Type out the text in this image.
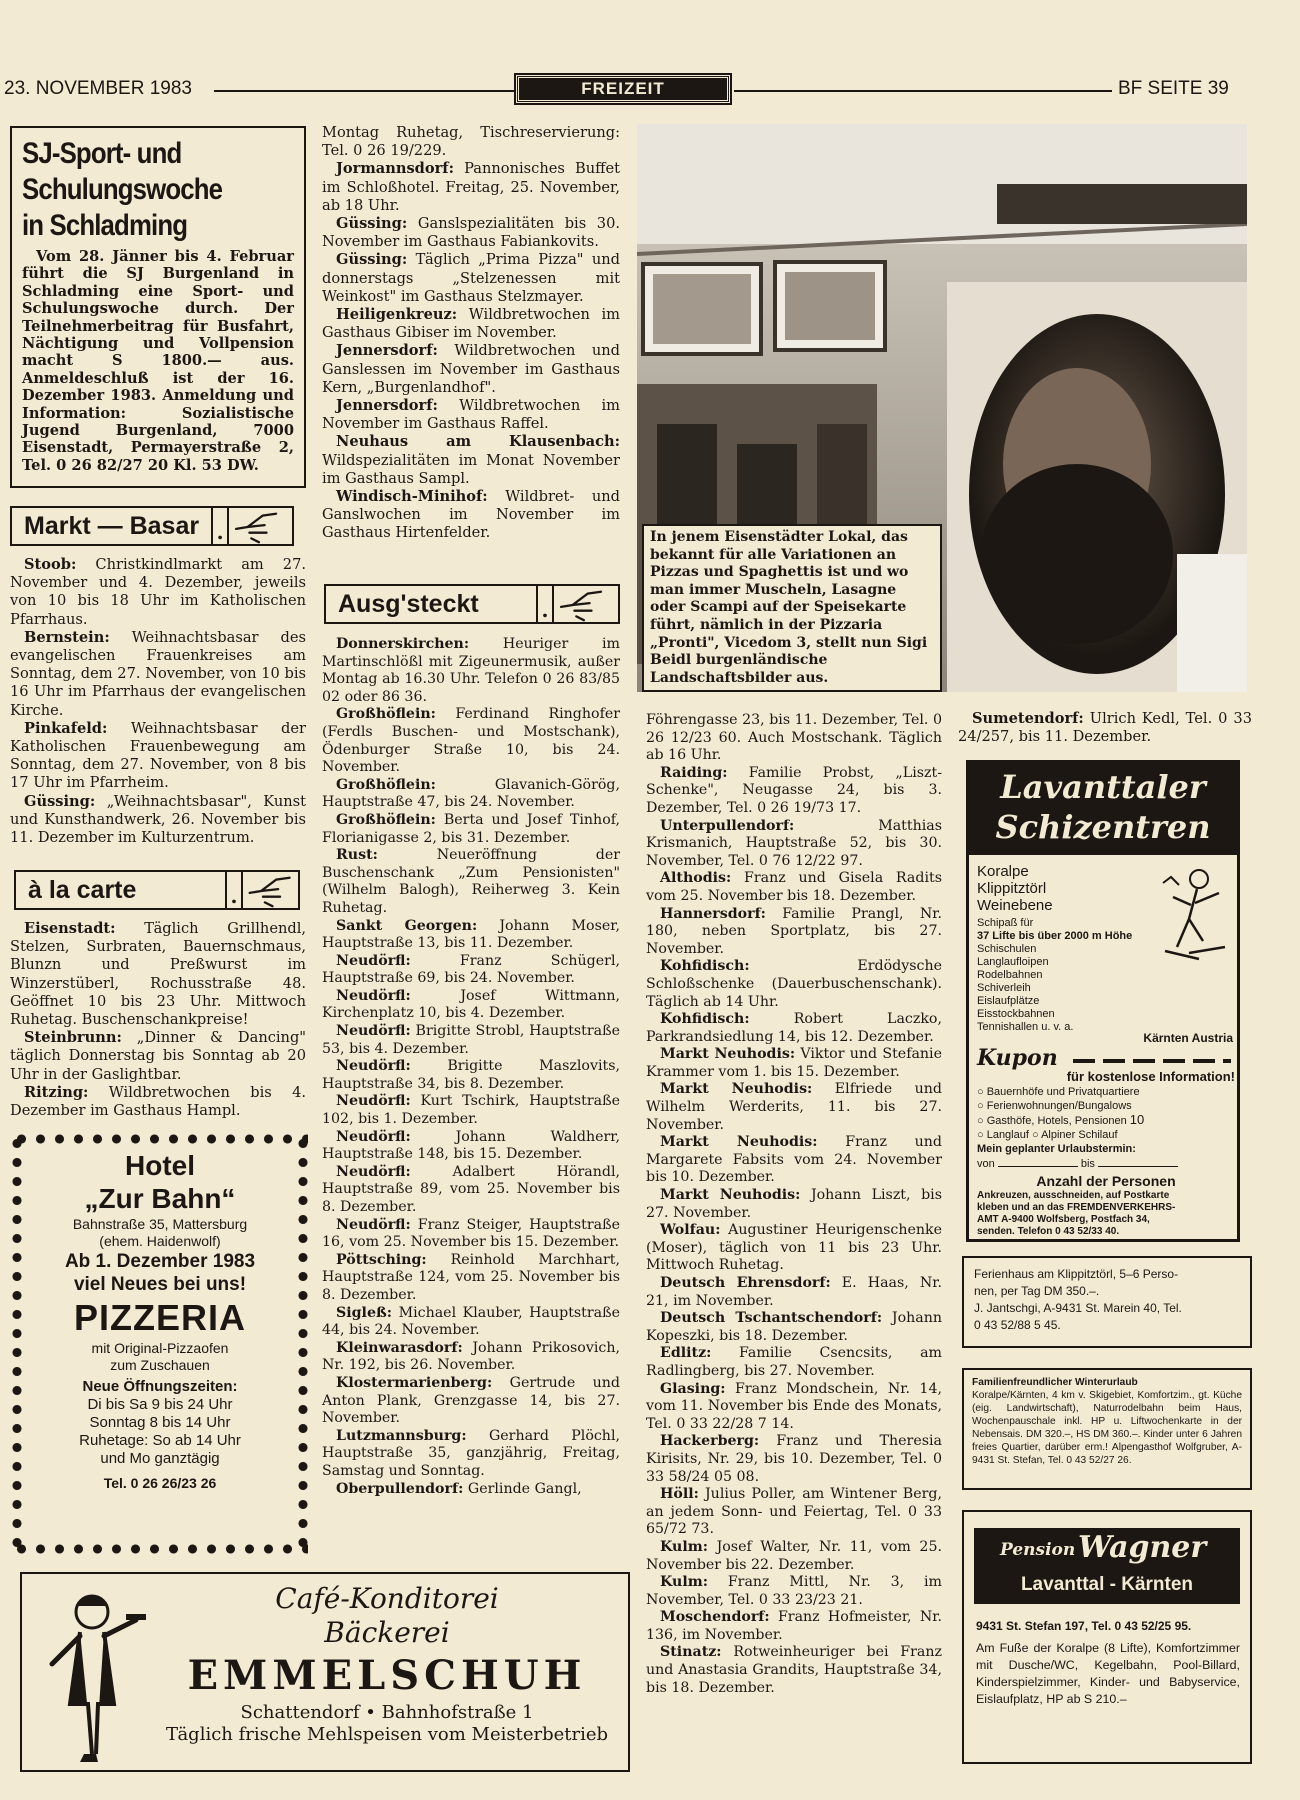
23. NOVEMBER 1983	FREIZEIT	BF SEITE 39
SJ-Sport- und
Schulungswoche
in Schladming
Vom 28. Jänner bis 4. Februar führt die SJ Burgenland in Schladming eine Sport- und Schulungswoche durch. Der Teilnehmerbeitrag für Busfahrt, Nächtigung und Vollpension macht S 1800.— aus. Anmeldeschluß ist der 16. Dezember 1983. Anmeldung und Information: Sozialistische Jugend Burgenland, 7000 Eisenstadt, Permayerstraße 2, Tel. 0 26 82/27 20 Kl. 53 DW.
Markt — Basar .

Stoob: Christkindlmarkt am 27. November und 4. Dezember, jeweils von 10 bis 18 Uhr im Katholischen Pfarrhaus.

Bernstein: Weihnachtsbasar des evangelischen Frauenkreises am Sonntag, dem 27. November, von 10 bis 16 Uhr im Pfarrhaus der evangelischen Kirche.

Pinkafeld: Weihnachtsbasar der Katholischen Frauenbewegung am Sonntag, dem 27. November, von 8 bis 17 Uhr im Pfarrheim.

Güssing: „Weihnachtsbasar", Kunst und Kunsthandwerk, 26. November bis 11. Dezember im Kulturzentrum.

à la carte	.

Eisenstadt: Täglich Grillhendl, Stelzen, Surbraten, Bauernschmaus, Blunzn und Preßwurst im Winzerstüberl, Rochusstraße 48. Geöffnet 10 bis 23 Uhr. Mittwoch Ruhetag. Buschenschankpreise!

Steinbrunn: „Dinner & Dancing" täglich Donnerstag bis Sonntag ab 20 Uhr in der Gaslightbar.

Ritzing: Wildbretwochen bis 4. Dezember im Gasthaus Hampl.

Hotel
„Zur Bahn“
Bahnstraße 35, Mattersburg
(ehem. Haidenwolf)
Ab 1. Dezember 1983
viel Neues bei uns!
PIZZERIA
mit Original-Pizzaofen
zum Zuschauen
Neue Öffnungszeiten:
Di bis Sa 9 bis 24 Uhr
Sonntag 8 bis 14 Uhr
Ruhetage: So ab 14 Uhr
und Mo ganztägig
Tel. 0 26 26/23 26

Montag Ruhetag, Tischreservierung: Tel. 0 26 19/229.

Jormannsdorf: Pannonisches Buffet im Schloßhotel. Freitag, 25. November, ab 18 Uhr.

Güssing: Ganslspezialitäten bis 30. November im Gasthaus Fabiankovits.

Güssing: Täglich „Prima Pizza" und donnerstags „Stelzenessen mit Weinkost" im Gasthaus Stelzmayer.

Heiligenkreuz: Wildbretwochen im Gasthaus Gibiser im November.

Jennersdorf: Wildbretwochen und Ganslessen im November im Gasthaus Kern, „Burgenlandhof".

Jennersdorf: Wildbretwochen im November im Gasthaus Raffel.

Neuhaus am Klausenbach: Wildspezialitäten im Monat November im Gasthaus Sampl.

Windisch-Minihof: Wildbret- und Ganslwochen im November im Gasthaus Hirtenfelder.

Ausg'steckt	.

Donnerskirchen: Heuriger im Martinschlößl mit Zigeunermusik, außer Montag ab 16.30 Uhr. Telefon 0 26 83/85 02 oder 86 36.

Großhöflein: Ferdinand Ringhofer (Ferdls Buschen- und Mostschank), Ödenburger Straße 10, bis 24. November.

Großhöflein:	Glavanich-Görög, Hauptstraße 47, bis 24. November.

Großhöflein: Berta und Josef Tinhof, Florianigasse 2, bis 31. Dezember.

Rust:	Neueröffnung der Buschenschank „Zum Pensionisten" (Wilhelm Balogh), Reiherweg 3. Kein Ruhetag.

Sankt Georgen: Johann Moser, Hauptstraße 13, bis 11. Dezember.

Neudörfl:	Franz Schügerl, Hauptstraße 69, bis 24. November.

Neudörfl:	Josef Wittmann, Kirchenplatz 10, bis 4. Dezember.

Neudörfl: Brigitte Strobl, Hauptstraße 53, bis 4. Dezember.

Neudörfl:	Brigitte Maszlovits, Hauptstraße 34, bis 8. Dezember.

Neudörfl: Kurt Tschirk, Hauptstraße 102, bis 1. Dezember.

Neudörfl:	Johann Waldherr, Hauptstraße 148, bis 15. Dezember.

Neudörfl:	Adalbert Hörandl, Hauptstraße 89, vom 25. November bis 8. Dezember.

Neudörfl: Franz Steiger, Hauptstraße 16, vom 25. November bis 15. Dezember.

Pöttsching: Reinhold Marchhart, Hauptstraße 124, vom 25. November bis 8. Dezember.

Sigleß: Michael Klauber, Hauptstraße 44, bis 24. November.

Kleinwarasdorf: Johann Prikosovich, Nr. 192, bis 26. November.

Klostermarienberg: Gertrude und Anton Plank, Grenzgasse 14, bis 27. November.

Lutzmannsburg: Gerhard Plöchl, Hauptstraße 35, ganzjährig, Freitag, Samstag und Sonntag.

Oberpullendorf: Gerlinde Gangl,

In jenem Eisenstädter Lokal, das bekannt für alle Variationen an Pizzas und Spaghettis ist und wo man immer Muscheln, Lasagne oder Scampi auf der Speisekarte führt, nämlich in der Pizzaria „Pronti", Vicedom 3, stellt nun Sigi Beidl burgenländische Landschaftsbilder aus.

Föhrengasse 23, bis 11. Dezember, Tel. 0 26 12/23 60. Auch Mostschank. Täglich ab 16 Uhr.

Raiding: Familie Probst, „Liszt-Schenke", Neugasse 24, bis 3. Dezember, Tel. 0 26 19/73 17.

Unterpullendorf:	Matthias Krismanich, Hauptstraße 52, bis 30. November, Tel. 0 76 12/22 97.

Althodis: Franz und Gisela Radits vom 25. November bis 18. Dezember.

Hannersdorf: Familie Prangl, Nr. 180, neben Sportplatz, bis 27. November.

Kohfidisch:	Erdödysche Schloßschenke (Dauerbuschenschank). Täglich ab 14 Uhr.

Kohfidisch:	Robert Laczko, Parkrandsiedlung 14, bis 12. Dezember.

Markt Neuhodis: Viktor und Stefanie Krammer vom 1. bis 15. Dezember.

Markt Neuhodis: Elfriede und Wilhelm Werderits, 11. bis 27. November.

Markt Neuhodis: Franz und Margarete Fabsits vom 24. November bis 10. Dezember.

Markt Neuhodis: Johann Liszt, bis 27. November.

Wolfau: Augustiner Heurigenschenke (Moser), täglich von 11 bis 23 Uhr. Mittwoch Ruhetag.

Deutsch Ehrensdorf: E. Haas, Nr. 21, im November.

Deutsch Tschantschendorf: Johann Kopeszki, bis 18. Dezember.

Edlitz: Familie Csencsits, am Radlingberg, bis 27. November.

Glasing: Franz Mondschein, Nr. 14, vom 11. November bis Ende des Monats, Tel. 0 33 22/28 7 14.

Hackerberg: Franz und Theresia Kirisits, Nr. 29, bis 10. Dezember, Tel. 0 33 58/24 05 08.

Höll: Julius Poller, am Wintener Berg, an jedem Sonn- und Feiertag, Tel. 0 33 65/72 73.

Kulm: Josef Walter, Nr. 11, vom 25. November bis 22. Dezember.

Kulm: Franz Mittl, Nr. 3, im November, Tel. 0 33 23/23 21.

Moschendorf: Franz Hofmeister, Nr. 136, im November.

Stinatz: Rotweinheuriger bei Franz und Anastasia Grandits, Hauptstraße 34, bis 18. Dezember.

Café-Konditorei
Bäckerei
EMMELSCHUH
Schattendorf • Bahnhofstraße 1
Täglich frische Mehlspeisen vom Meisterbetrieb

Sumetendorf: Ulrich Kedl, Tel. 0 33 24/257, bis 11. Dezember.

Lavanttaler
Schizentren
Koralpe
Klippitztörl
Weinebene
Schipaß für
37 Lifte bis über 2000 m Höhe
Schischulen
Langlaufloipen
Rodelbahnen
Schiverleih
Eislaufplätze
Eisstockbahnen
Tennishallen u. v. a.
Kärnten Austria
Kupon
für kostenlose Information!
○ Bauernhöfe und Privatquartiere
○ Ferienwohnungen/Bungalows
○ Gasthöfe, Hotels, Pensionen 10
○ Langlauf ○ Alpiner Schilauf
Mein geplanter Urlaubstermin:
von	bis
Anzahl der Personen
Ankreuzen, ausschneiden, auf Postkarte
kleben und an das FREMDENVERKEHRS-
AMT A-9400 Wolfsberg, Postfach 34,
senden. Telefon 0 43 52/33 40.
Ferienhaus am Klippitztörl, 5–6 Perso-
nen, per Tag DM 350.–.
J. Jantschgi, A-9431 St. Marein 40, Tel.
0 43 52/88 5 45.
Familienfreundlicher Winterurlaub
Koralpe/Kärnten, 4 km v. Skigebiet, Komfortzim., gt. Küche (eig. Landwirtschaft), Naturrodelbahn beim Haus, Wochenpauschale inkl. HP u. Liftwochenkarte in der Nebensais. DM 320.–, HS DM 360.–. Kinder unter 6 Jahren freies Quartier, darüber erm.! Alpengasthof Wolfgruber, A-9431 St. Stefan, Tel. 0 43 52/27 26.
Pension Wagner
Lavanttal - Kärnten
9431 St. Stefan 197, Tel. 0 43 52/25 95.
Am Fuße der Koralpe (8 Lifte), Komfortzimmer mit Dusche/WC, Kegelbahn, Pool-Billard, Kinderspielzimmer, Kinder- und Babyservice, Eislaufplatz, HP ab S 210.–
